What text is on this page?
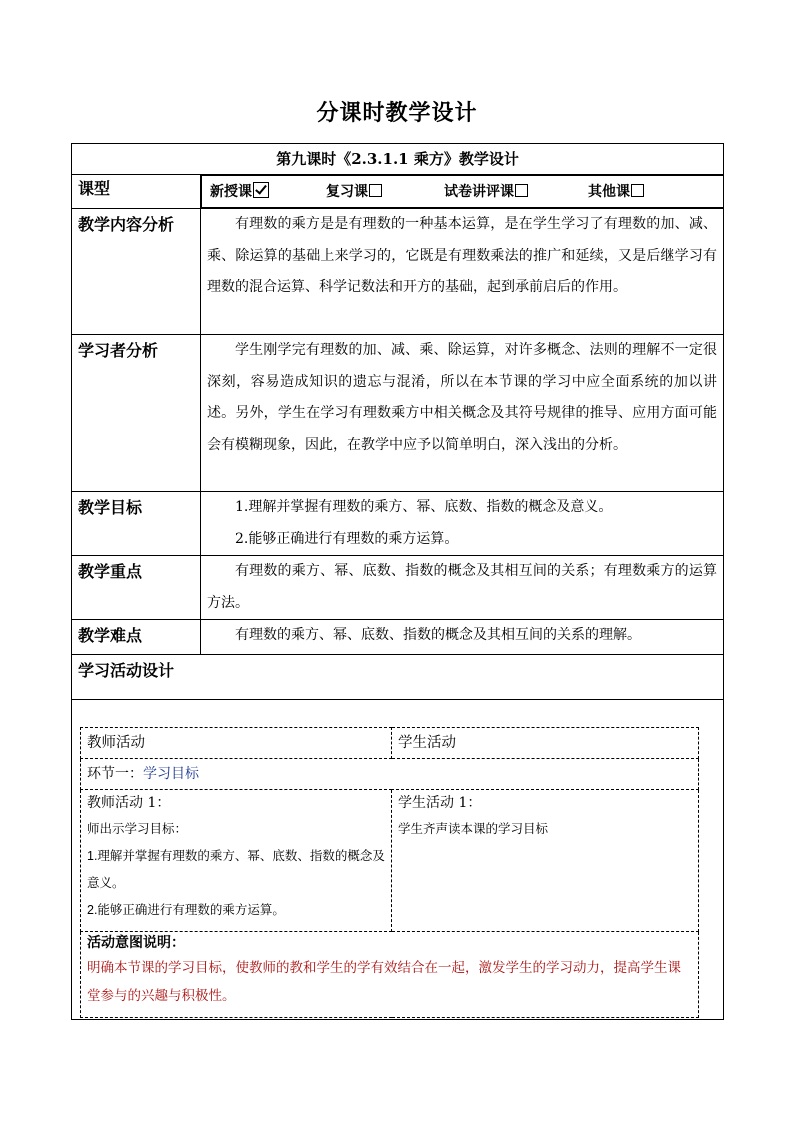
分课时教学设计
第九课时《2.3.1.1 乘方》教学设计
课型		新授课	复习课	试卷讲评课	其他课

教学内容分析	有理数的乘方是是有理数的一种基本运算，是在学生学习了有理数的加、减、乘、除运算的基础上来学习的，它既是有理数乘法的推广和延续，又是后继学习有理数的混合运算、科学记数法和开方的基础，起到承前启后的作用。

学习者分析	学生刚学完有理数的加、减、乘、除运算，对许多概念、法则的理解不一定很深刻，容易造成知识的遗忘与混淆，所以在本节课的学习中应全面系统的加以讲述。另外，学生在学习有理数乘方中相关概念及其符号规律的推导、应用方面可能会有模糊现象，因此，在教学中应予以简单明白，深入浅出的分析。

教学目标	1.理解并掌握有理数的乘方、幂、底数、指数的概念及意义。

2.能够正确进行有理数的乘方运算。

教学重点	有理数的乘方、幂、底数、指数的概念及其相互间的关系；有理数乘方的运算方法。

教学难点	有理数的乘方、幂、底数、指数的概念及其相互间的关系的理解。

学习活动设计

教师活动	学生活动
环节一：学习目标

教师活动 1：
师出示学习目标：
1.理解并掌握有理数的乘方、幂、底数、指数的概念及意义。
2.能够正确进行有理数的乘方运算。

学生活动 1：
学生齐声读本课的学习目标

活动意图说明：
明确本节课的学习目标，使教师的教和学生的学有效结合在一起，激发学生的学习动力，提高学生课堂参与的兴趣与积极性。
